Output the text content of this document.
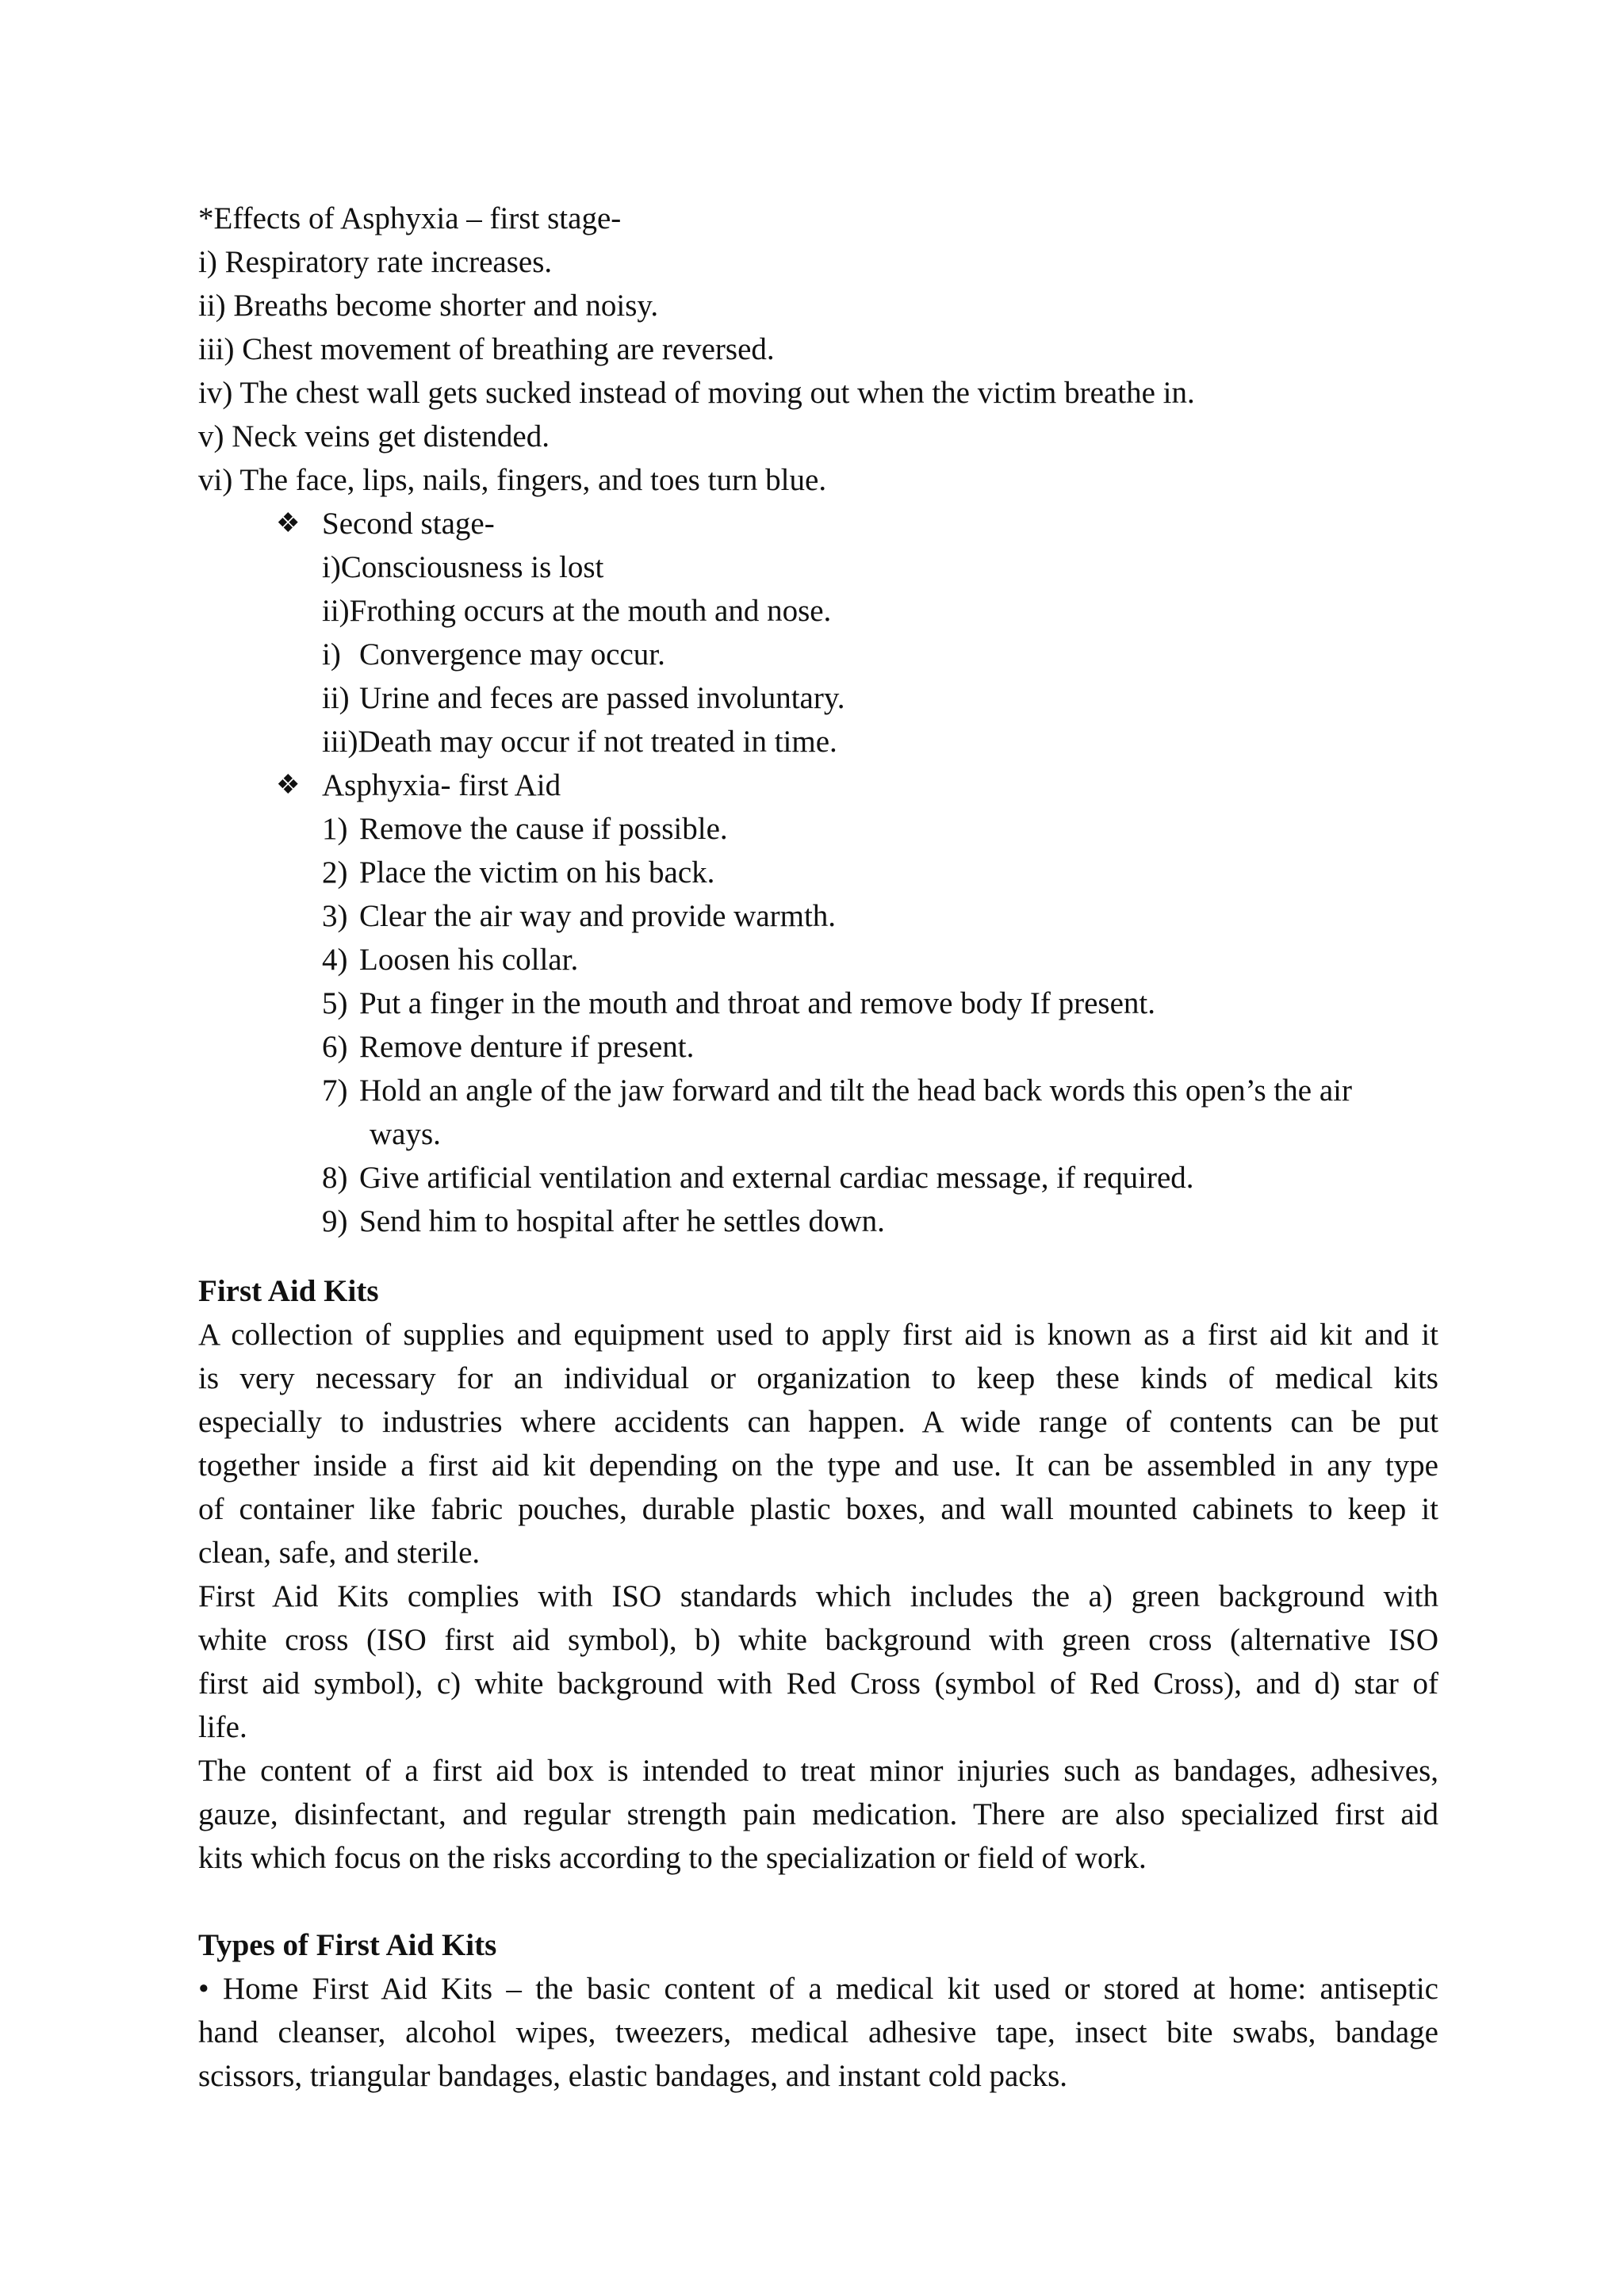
*Effects of Asphyxia – first stage-

i) Respiratory rate increases.

ii) Breaths become shorter and noisy.

iii) Chest movement of breathing are reversed.

iv) The chest wall gets sucked instead of moving out when the victim breathe in.

v) Neck veins get distended.

vi) The face, lips, nails, fingers, and toes turn blue.

❖ Second stage-

i)Consciousness is lost

ii)Frothing occurs at the mouth and nose.

i) Convergence may occur.

ii) Urine and feces are passed involuntary.

iii)Death may occur if not treated in time.

❖ Asphyxia- first Aid

1) Remove the cause if possible.

2) Place the victim on his back.

3) Clear the air way and provide warmth.

4) Loosen his collar.

5) Put a finger in the mouth and throat and remove body If present.

6) Remove denture if present.

7) Hold an angle of the jaw forward and tilt the head back words this open’s the air

ways.

8) Give artificial ventilation and external cardiac message, if required.

9) Send him to hospital after he settles down.

First Aid Kits

A collection of supplies and equipment used to apply first aid is known as a first aid kit and it

is very necessary for an individual or organization to keep these kinds of medical kits

especially to industries where accidents can happen. A wide range of contents can be put

together inside a first aid kit depending on the type and use. It can be assembled in any type

of container like fabric pouches, durable plastic boxes, and wall mounted cabinets to keep it

clean, safe, and sterile.

First Aid Kits complies with ISO standards which includes the a) green background with

white cross (ISO first aid symbol), b) white background with green cross (alternative ISO

first aid symbol), c) white background with Red Cross (symbol of Red Cross), and d) star of

life.

The content of a first aid box is intended to treat minor injuries such as bandages, adhesives,

gauze, disinfectant, and regular strength pain medication. There are also specialized first aid

kits which focus on the risks according to the specialization or field of work.

Types of First Aid Kits

• Home First Aid Kits – the basic content of a medical kit used or stored at home: antiseptic

hand cleanser, alcohol wipes, tweezers, medical adhesive tape, insect bite swabs, bandage

scissors, triangular bandages, elastic bandages, and instant cold packs.
